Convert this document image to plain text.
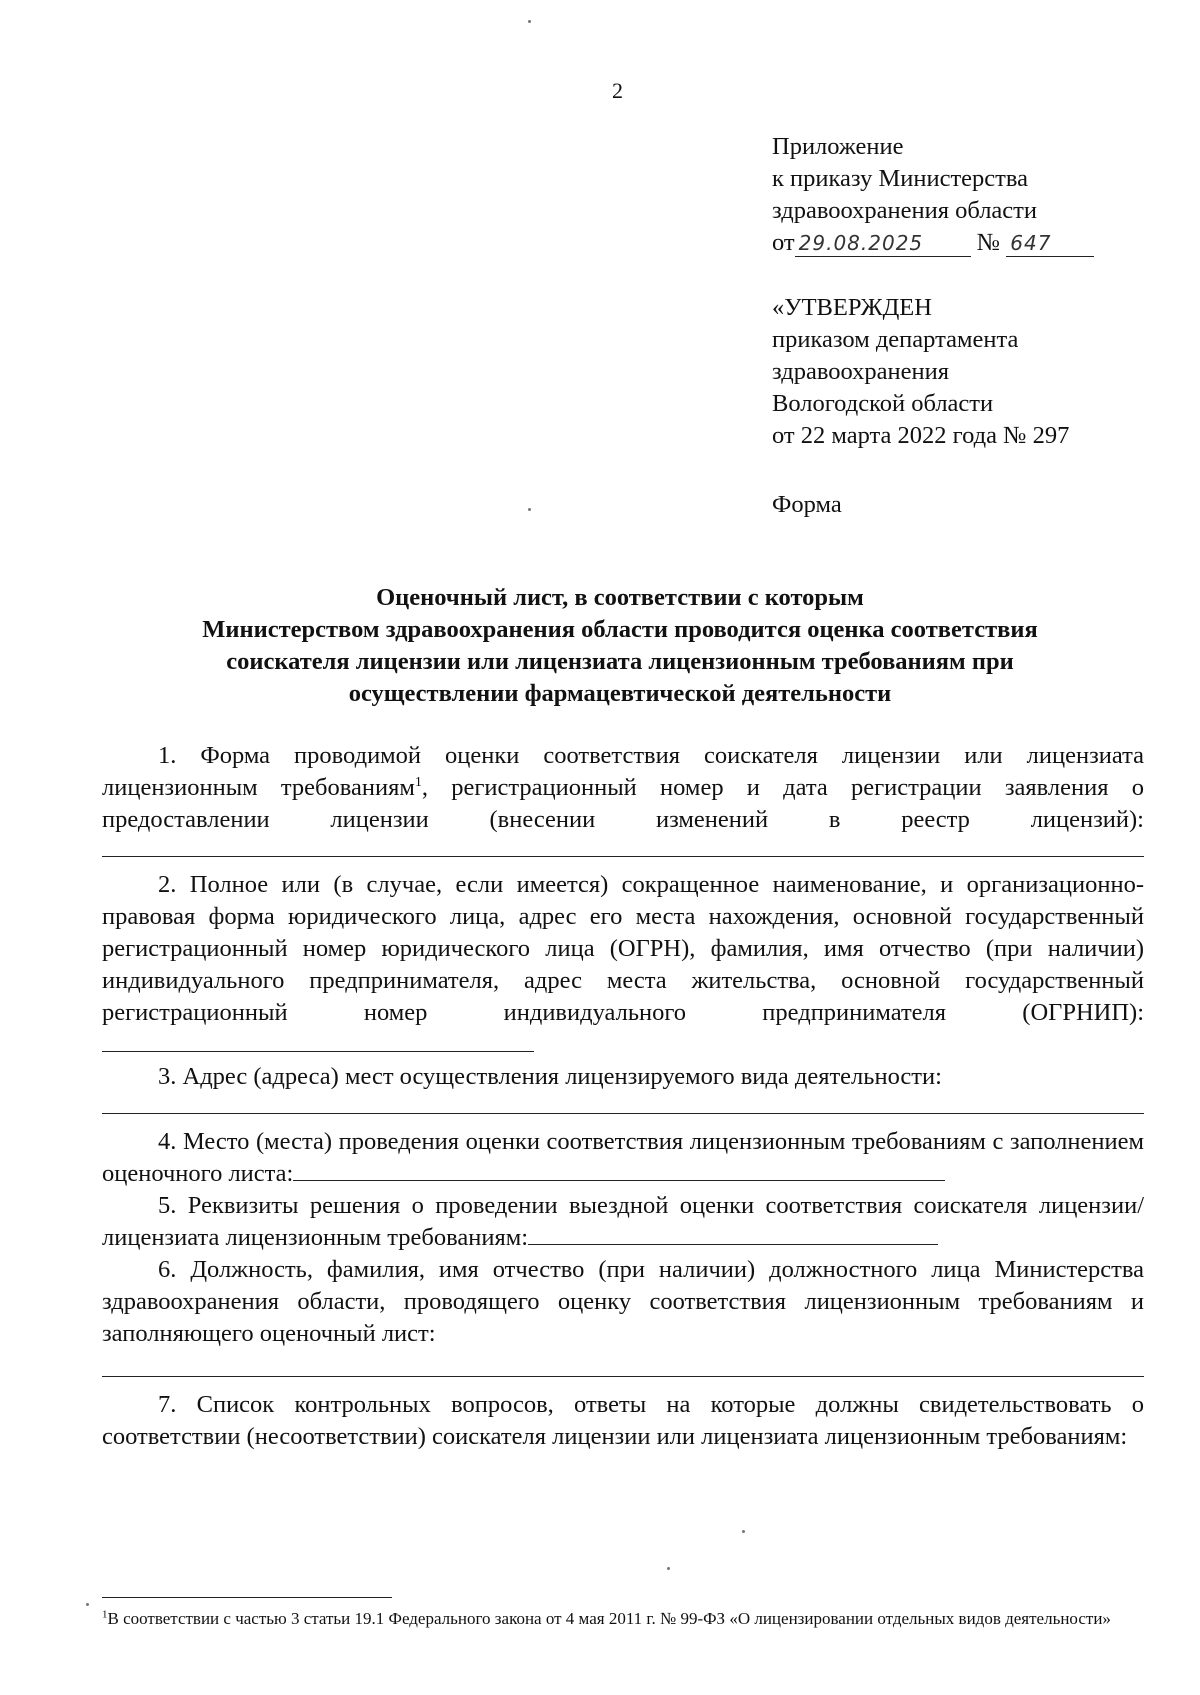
2
Приложение
к приказу Министерства
здравоохранения области
от 29.08.2025 № 647
«УТВЕРЖДЕН
приказом департамента
здравоохранения
Вологодской области
от 22 марта 2022 года № 297
Форма
Оценочный лист, в соответствии с которым
Министерством здравоохранения области проводится оценка соответствия
соискателя лицензии или лицензиата лицензионным требованиям при
осуществлении фармацевтической деятельности

1. Форма проводимой оценки соответствия соискателя лицензии или лицензиата лицензионным требованиям$^1$, регистрационный номер и дата регистрации заявления о предоставлении лицензии (внесении изменений в реестр лицензий):

2. Полное или (в случае, если имеется) сокращенное наименование, и организационно-правовая форма юридического лица, адрес его места нахождения, основной государственный регистрационный номер юридического лица (ОГРН), фамилия, имя отчество (при наличии) индивидуального предпринимателя, адрес места жительства, основной государственный регистрационный номер индивидуального предпринимателя (ОГРНИП):

3. Адрес (адреса) мест осуществления лицензируемого вида деятельности:

4. Место (места) проведения оценки соответствия лицензионным требованиям с заполнением оценочного листа:

5. Реквизиты решения о проведении выездной оценки соответствия соискателя лицензии/лицензиата лицензионным требованиям:

6. Должность, фамилия, имя отчество (при наличии) должностного лица Министерства здравоохранения области, проводящего оценку соответствия лицензионным требованиям и заполняющего оценочный лист:

7. Список контрольных вопросов, ответы на которые должны свидетельствовать о соответствии (несоответствии) соискателя лицензии или лицензиата лицензионным требованиям:

$^1$В соответствии с частью 3 статьи 19.1 Федерального закона от 4 мая 2011 г. № 99-ФЗ «О лицензировании отдельных видов деятельности»
